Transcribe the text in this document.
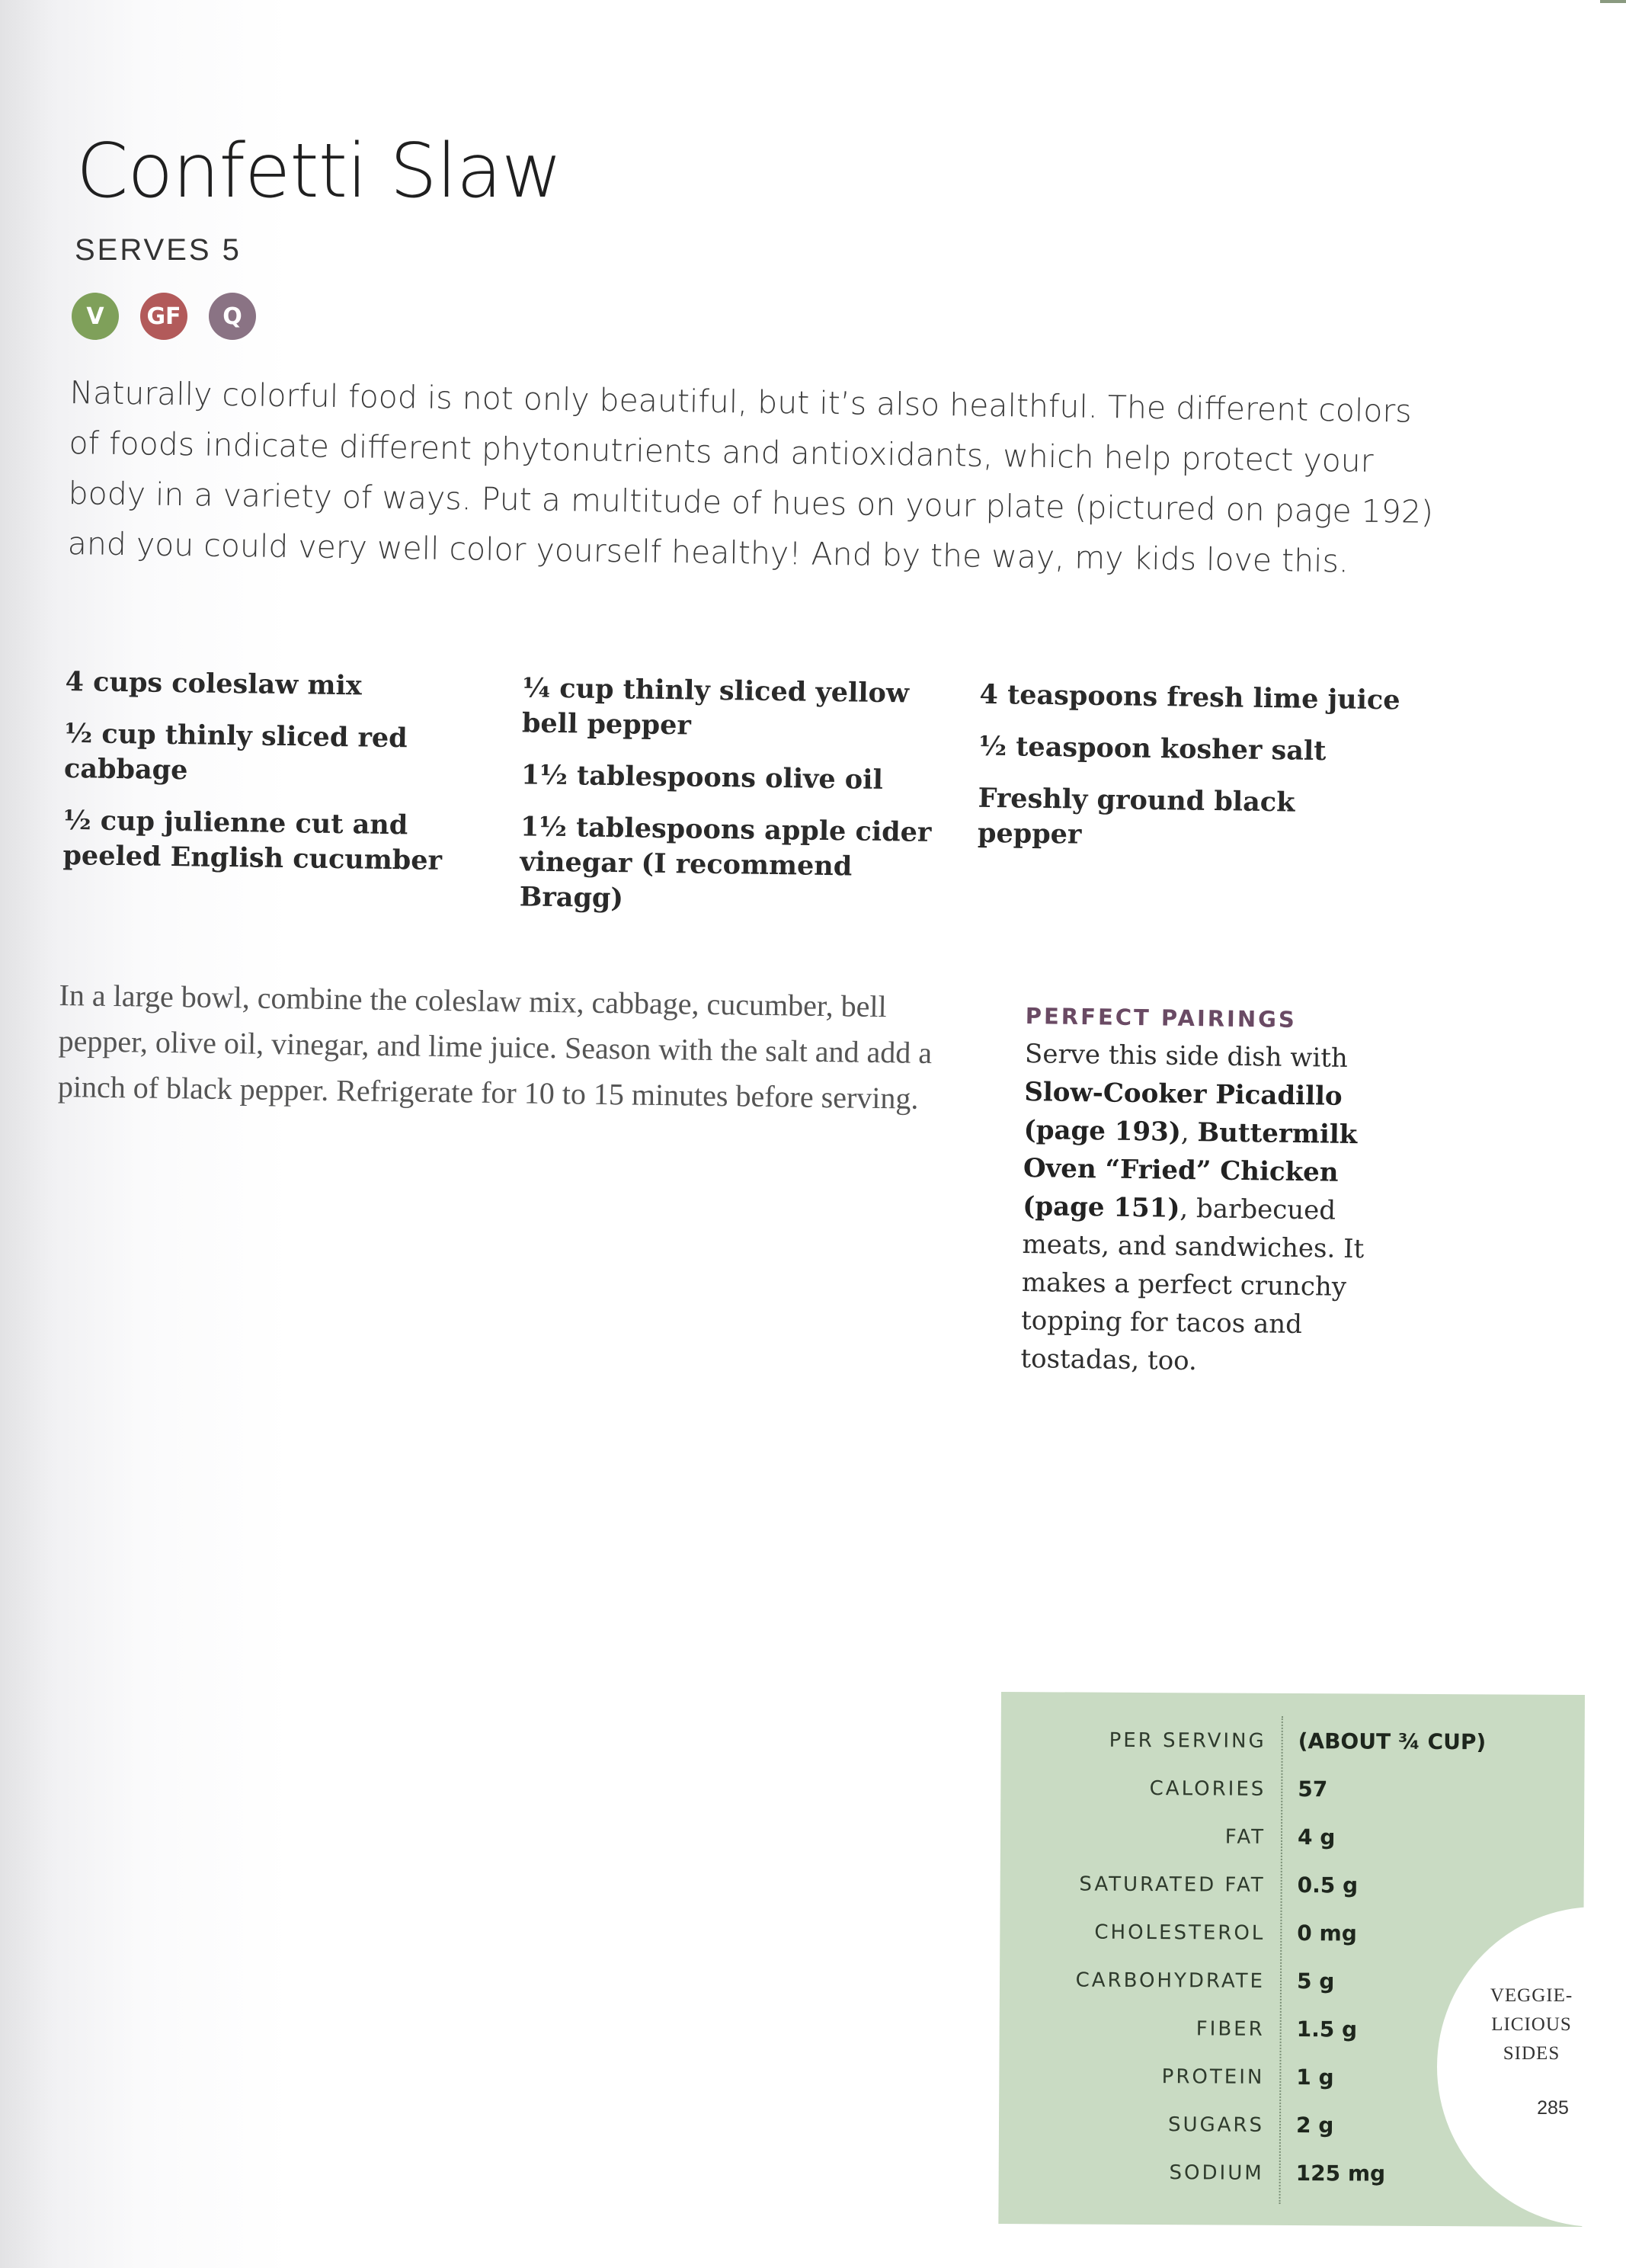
Confetti Slaw
SERVES 5
V	GF	Q
Naturally colorful food is not only beautiful, but it’s also healthful. The different colors of foods indicate different phytonutrients and antioxidants, which help protect your body in a variety of ways. Put a multitude of hues on your plate (pictured on page 192) and you could very well color yourself healthy! And by the way, my kids love this.

4 cups coleslaw mix

½ cup thinly sliced red cabbage

½ cup julienne cut and peeled English cucumber

¼ cup thinly sliced yellow bell pepper

1½ tablespoons olive oil

1½ tablespoons apple cider vinegar (I recommend Bragg)

4 teaspoons fresh lime juice

½ teaspoon kosher salt

Freshly ground black pepper

In a large bowl, combine the coleslaw mix, cabbage, cucumber, bell pepper, olive oil, vinegar, and lime juice. Season with the salt and add a pinch of black pepper. Refrigerate for 10 to 15 minutes before serving.
PERFECT PAIRINGS
Serve this side dish with Slow-Cooker Picadillo (page 193), Buttermilk Oven “Fried” Chicken (page 151), barbecued meats, and sandwiches. It makes a perfect crunchy topping for tacos and tostadas, too.
PER SERVING (ABOUT ¾ CUP)
CALORIES 57
FAT 4 g
SATURATED FAT 0.5 g
CHOLESTEROL 0 mg
CARBOHYDRATE 5 g
FIBER 1.5 g
PROTEIN 1 g
SUGARS 2 g
SODIUM 125 mg
VEGGIE-
LICIOUS
SIDES
285
